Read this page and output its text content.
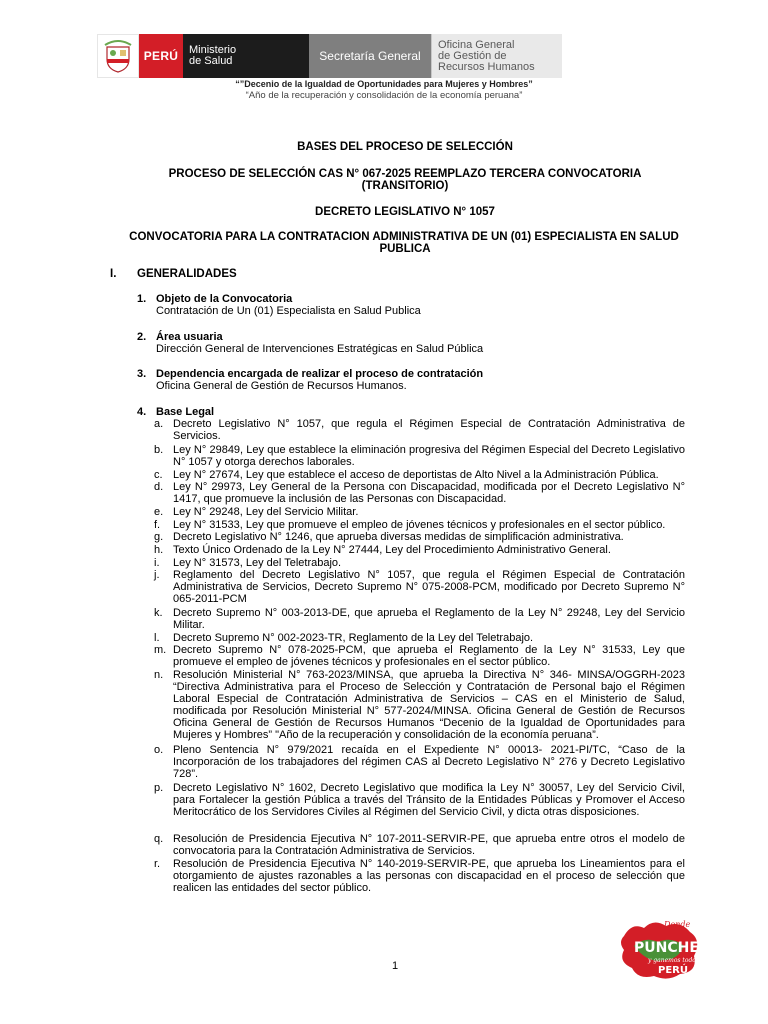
PERÚ Ministerio
de Salud	Secretaría General
Oficina General
de Gestión de
Recursos Humanos
“”Decenio de la Igualdad de Oportunidades para Mujeres y Hombres”
“Año de la recuperación y consolidación de la economía peruana”
BASES DEL PROCESO DE SELECCIÓN
PROCESO DE SELECCIÓN CAS N° 067-2025 REEMPLAZO TERCERA CONVOCATORIA
(TRANSITORIO)
DECRETO LEGISLATIVO N° 1057
CONVOCATORIA PARA LA CONTRATACION ADMINISTRATIVA DE UN (01) ESPECIALISTA EN SALUD
PUBLICA
I. GENERALIDADES
1. Objeto de la Convocatoria
Contratación de Un (01) Especialista en Salud Publica
2. Área usuaria
Dirección General de Intervenciones Estratégicas en Salud Pública
3. Dependencia encargada de realizar el proceso de contratación
Oficina General de Gestión de Recursos Humanos.
4. Base Legal
a. Decreto Legislativo N° 1057, que regula el Régimen Especial de Contratación Administrativa de Servicios.
b. Ley N° 29849, Ley que establece la eliminación progresiva del Régimen Especial del Decreto Legislativo N° 1057 y otorga derechos laborales.
c. Ley N° 27674, Ley que establece el acceso de deportistas de Alto Nivel a la Administración Pública.
d. Ley N° 29973, Ley General de la Persona con Discapacidad, modificada por el Decreto Legislativo N° 1417, que promueve la inclusión de las Personas con Discapacidad.
e. Ley N° 29248, Ley del Servicio Militar.
f. Ley N° 31533, Ley que promueve el empleo de jóvenes técnicos y profesionales en el sector público.
g. Decreto Legislativo N° 1246, que aprueba diversas medidas de simplificación administrativa.
h. Texto Único Ordenado de la Ley N° 27444, Ley del Procedimiento Administrativo General.
i. Ley N° 31573, Ley del Teletrabajo.
j. Reglamento del Decreto Legislativo N° 1057, que regula el Régimen Especial de Contratación Administrativa de Servicios, Decreto Supremo N° 075-2008-PCM, modificado por Decreto Supremo N° 065-2011-PCM
k. Decreto Supremo N° 003-2013-DE, que aprueba el Reglamento de la Ley N° 29248, Ley del Servicio Militar.
l. Decreto Supremo N° 002-2023-TR, Reglamento de la Ley del Teletrabajo.
m. Decreto Supremo N° 078-2025-PCM, que aprueba el Reglamento de la Ley N° 31533, Ley que promueve el empleo de jóvenes técnicos y profesionales en el sector público.
n. Resolución Ministerial N° 763-2023/MINSA, que aprueba la Directiva N° 346- MINSA/OGGRH-2023 “Directiva Administrativa para el Proceso de Selección y Contratación de Personal bajo el Régimen Laboral Especial de Contratación Administrativa de Servicios – CAS en el Ministerio de Salud, modificada por Resolución Ministerial N° 577-2024/MINSA. Oficina General de Gestión de Recursos Oficina General de Gestión de Recursos Humanos “Decenio de la Igualdad de Oportunidades para Mujeres y Hombres” "Año de la recuperación y consolidación de la economía peruana”.
o. Pleno Sentencia N° 979/2021 recaída en el Expediente N° 00013- 2021-PI/TC, “Caso de la Incorporación de los trabajadores del régimen CAS al Decreto Legislativo N° 276 y Decreto Legislativo 728”.
p. Decreto Legislativo N° 1602, Decreto Legislativo que modifica la Ley N° 30057, Ley del Servicio Civil, para Fortalecer la gestión Pública a través del Tránsito de la Entidades Públicas y Promover el Acceso Meritocrático de los Servidores Civiles al Régimen del Servicio Civil, y dicta otras disposiciones.
q. Resolución de Presidencia Ejecutiva N° 107-2011-SERVIR-PE, que aprueba entre otros el modelo de convocatoria para la Contratación Administrativa de Servicios.
r. Resolución de Presidencia Ejecutiva N° 140-2019-SERVIR-PE, que aprueba los Lineamientos para el otorgamiento de ajustes razonables a las personas con discapacidad en el proceso de selección que realicen las entidades del sector público.
1
Donde
PUNCHE
y ganemos todos
PERÚ
